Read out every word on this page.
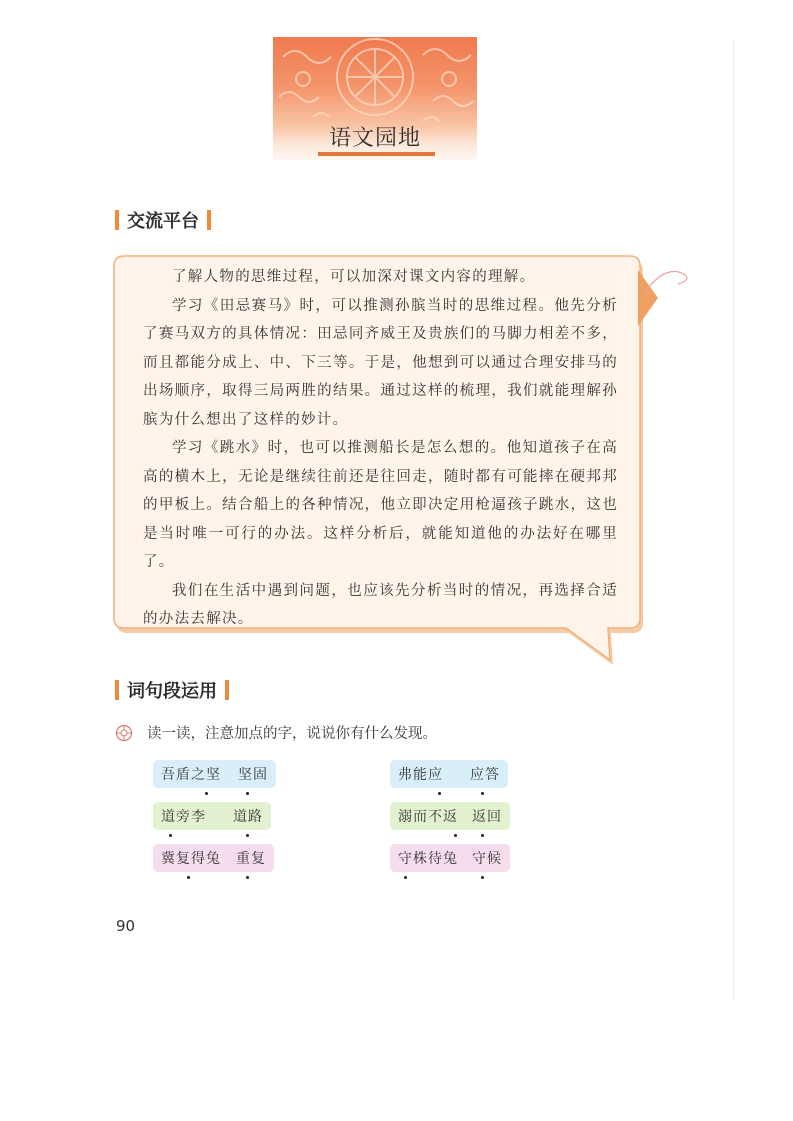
语文园地
交流平台

了解人物的思维过程，可以加深对课文内容的理解。

学习《田忌赛马》时，可以推测孙膑当时的思维过程。他先分析了赛马双方的具体情况：田忌同齐威王及贵族们的马脚力相差不多，而且都能分成上、中、下三等。于是，他想到可以通过合理安排马的出场顺序，取得三局两胜的结果。通过这样的梳理，我们就能理解孙膑为什么想出了这样的妙计。

学习《跳水》时，也可以推测船长是怎么想的。他知道孩子在高高的横木上，无论是继续往前还是往回走，随时都有可能摔在硬邦邦的甲板上。结合船上的各种情况，他立即决定用枪逼孩子跳水，这也是当时唯一可行的办法。这样分析后，就能知道他的办法好在哪里了。

我们在生活中遇到问题，也应该先分析当时的情况，再选择合适的办法去解决。

词句段运用
读一读，注意加点的字，说说你有什么发现。
吾盾之坚 坚固	弗能应 应答
道旁李 道路	溺而不返 返回
冀复得兔 重复	守株待兔 守候
90
